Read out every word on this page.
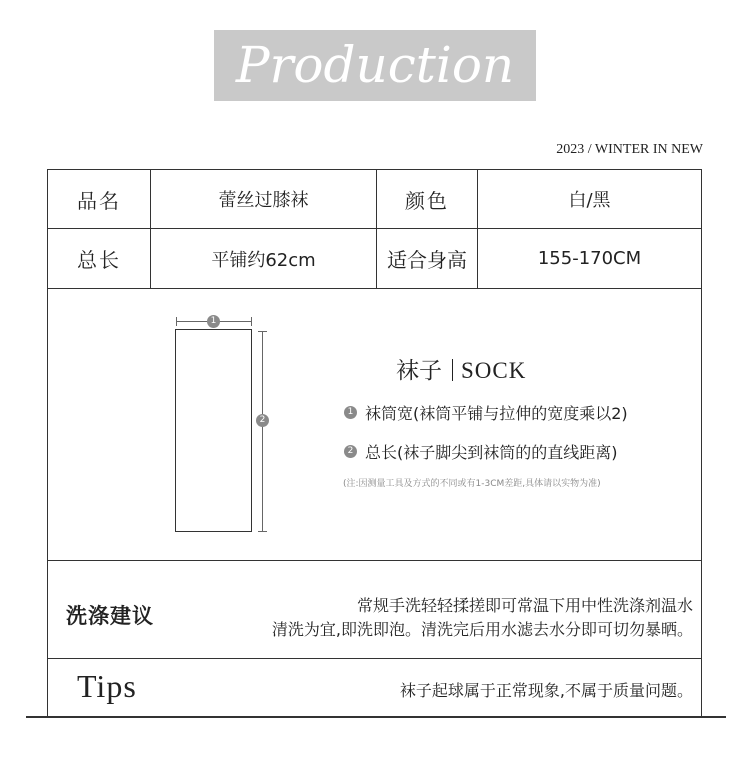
Production
2023 / WINTER IN NEW
品名	蕾丝过膝袜	颜色	白/黑
总长	平铺约62cm	适合身高	155-170CM
1
2
袜子 SOCK
1 袜筒宽(袜筒平铺与拉伸的宽度乘以2)
2 总长(袜子脚尖到袜筒的的直线距离)
(注:因测量工具及方式的不同或有1-3CM差距,具体请以实物为准)
洗涤建议	常规手洗轻轻揉搓即可常温下用中性洗涤剂温水
清洗为宜,即洗即泡。清洗完后用水滤去水分即可切勿暴晒。
Tips	袜子起球属于正常现象,不属于质量问题。
